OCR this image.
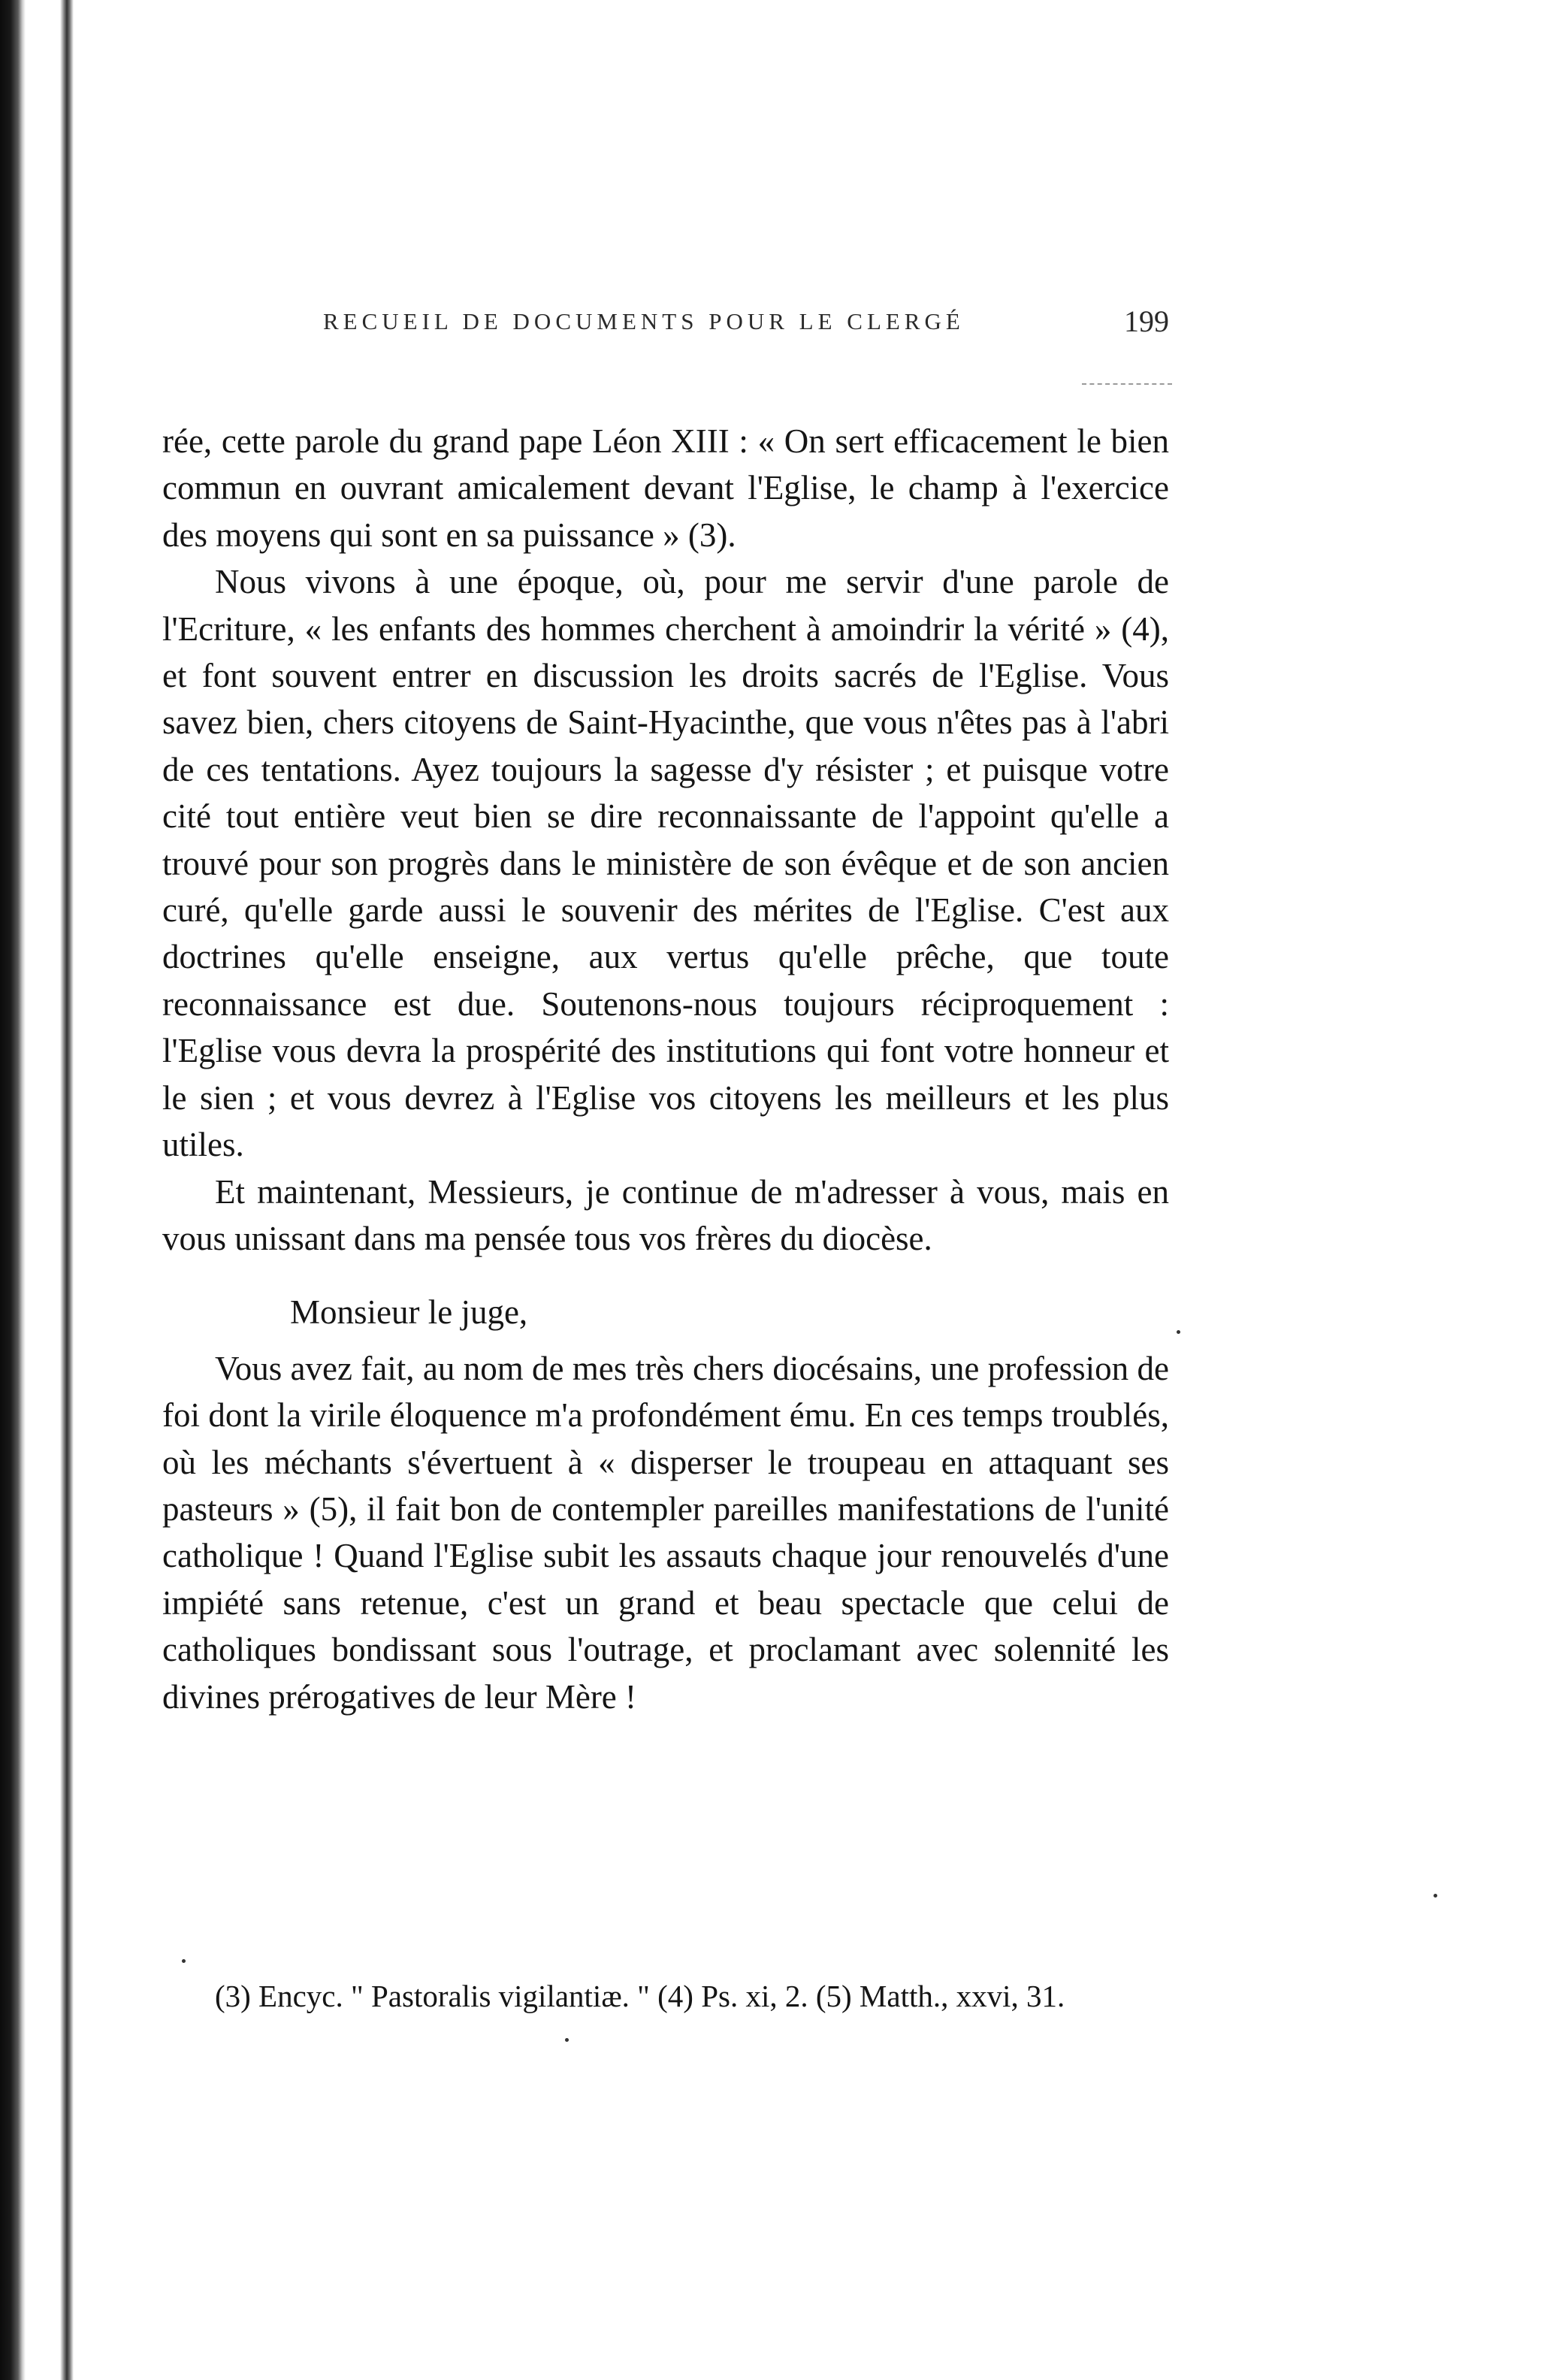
RECUEIL DE DOCUMENTS POUR LE CLERGÉ	199

rée, cette parole du grand pape Léon XIII : « On sert efficacement le bien commun en ouvrant amicalement devant l'Eglise, le champ à l'exercice des moyens qui sont en sa puissance » (3).

Nous vivons à une époque, où, pour me servir d'une parole de l'Ecriture, « les enfants des hommes cherchent à amoindrir la vérité » (4), et font souvent entrer en discussion les droits sacrés de l'Eglise. Vous savez bien, chers citoyens de Saint-Hyacinthe, que vous n'êtes pas à l'abri de ces tentations. Ayez toujours la sagesse d'y résister ; et puisque votre cité tout entière veut bien se dire reconnaissante de l'appoint qu'elle a trouvé pour son progrès dans le ministère de son évêque et de son ancien curé, qu'elle garde aussi le souvenir des mérites de l'Eglise. C'est aux doctrines qu'elle enseigne, aux vertus qu'elle prêche, que toute reconnaissance est due. Soutenons-nous toujours réciproquement : l'Eglise vous devra la prospérité des institutions qui font votre honneur et le sien ; et vous devrez à l'Eglise vos citoyens les meilleurs et les plus utiles.

Et maintenant, Messieurs, je continue de m'adresser à vous, mais en vous unissant dans ma pensée tous vos frères du diocèse.

Monsieur le juge,

Vous avez fait, au nom de mes très chers diocésains, une profession de foi dont la virile éloquence m'a profondément ému. En ces temps troublés, où les méchants s'évertuent à « disperser le troupeau en attaquant ses pasteurs » (5), il fait bon de contempler pareilles manifestations de l'unité catholique ! Quand l'Eglise subit les assauts chaque jour renouvelés d'une impiété sans retenue, c'est un grand et beau spectacle que celui de catholiques bondissant sous l'outrage, et proclamant avec solennité les divines prérogatives de leur Mère !

(3) Encyc. " Pastoralis vigilantiæ. " (4) Ps. xi, 2. (5) Matth., xxvi, 31.
